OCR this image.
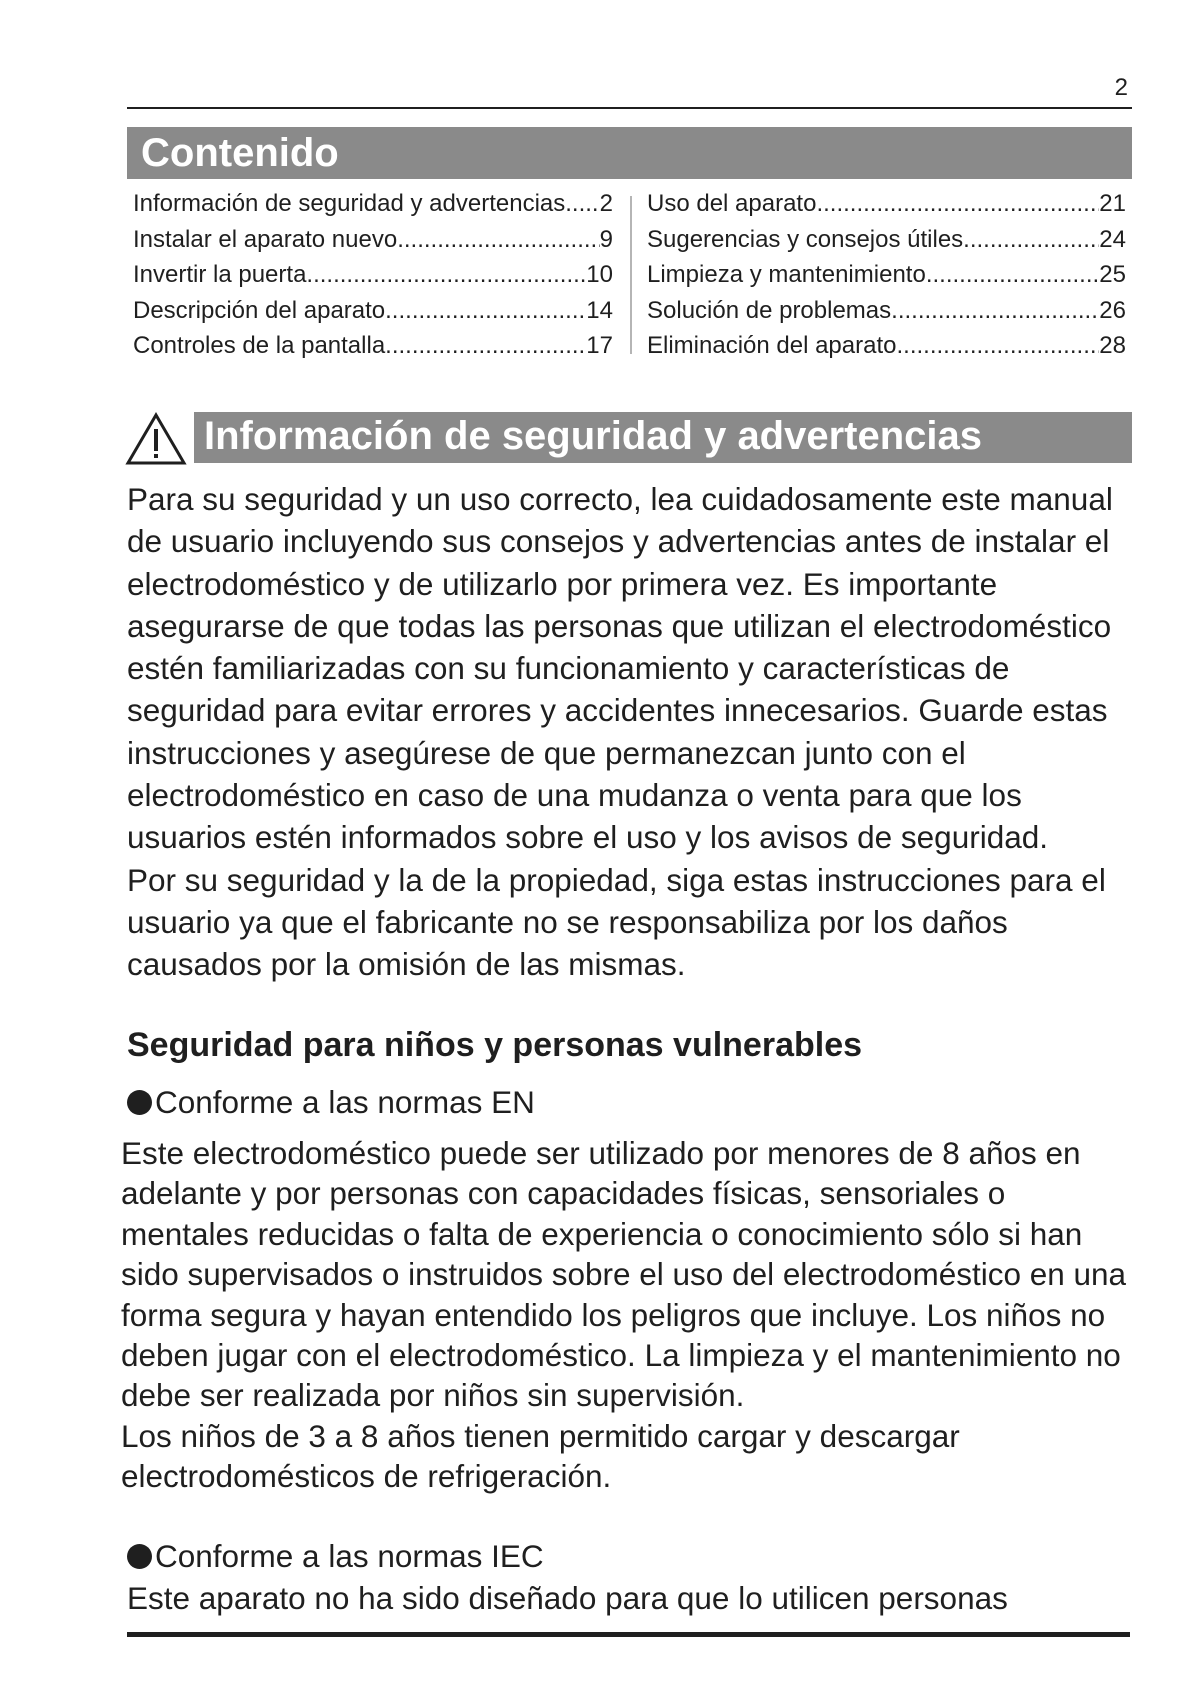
2
Contenido
Información de seguridad y advertencias ..... 2
Instalar el aparato nuevo .....	9
Invertir la puerta .....	10
Descripción del aparato .....	14
Controles de la pantalla .....	17
Uso del aparato .....	21
Sugerencias y consejos útiles .....	24
Limpieza y mantenimiento .....	25
Solución de problemas .....	26
Eliminación del aparato .....	28
Información de seguridad y advertencias

Para su seguridad y un uso correcto, lea cuidadosamente este manual de usuario incluyendo sus consejos y advertencias antes de instalar el electrodoméstico y de utilizarlo por primera vez. Es importante asegurarse de que todas las personas que utilizan el electrodoméstico estén familiarizadas con su funcionamiento y características de seguridad para evitar errores y accidentes innecesarios. Guarde estas instrucciones y asegúrese de que permanezcan junto con el electrodoméstico en caso de una mudanza o venta para que los usuarios estén informados sobre el uso y los avisos de seguridad.

Por su seguridad y la de la propiedad, siga estas instrucciones para el usuario ya que el fabricante no se responsabiliza por los daños causados por la omisión de las mismas.

Seguridad para niños y personas vulnerables
Conforme a las normas EN

Este electrodoméstico puede ser utilizado por menores de 8 años en adelante y por personas con capacidades físicas, sensoriales o mentales reducidas o falta de experiencia o conocimiento sólo si han sido supervisados o instruidos sobre el uso del electrodoméstico en una forma segura y hayan entendido los peligros que incluye. Los niños no deben jugar con el electrodoméstico. La limpieza y el mantenimiento no debe ser realizada por niños sin supervisión.

Los niños de 3 a 8 años tienen permitido cargar y descargar electrodomésticos de refrigeración.

Conforme a las normas IEC
Este aparato no ha sido diseñado para que lo utilicen personas
